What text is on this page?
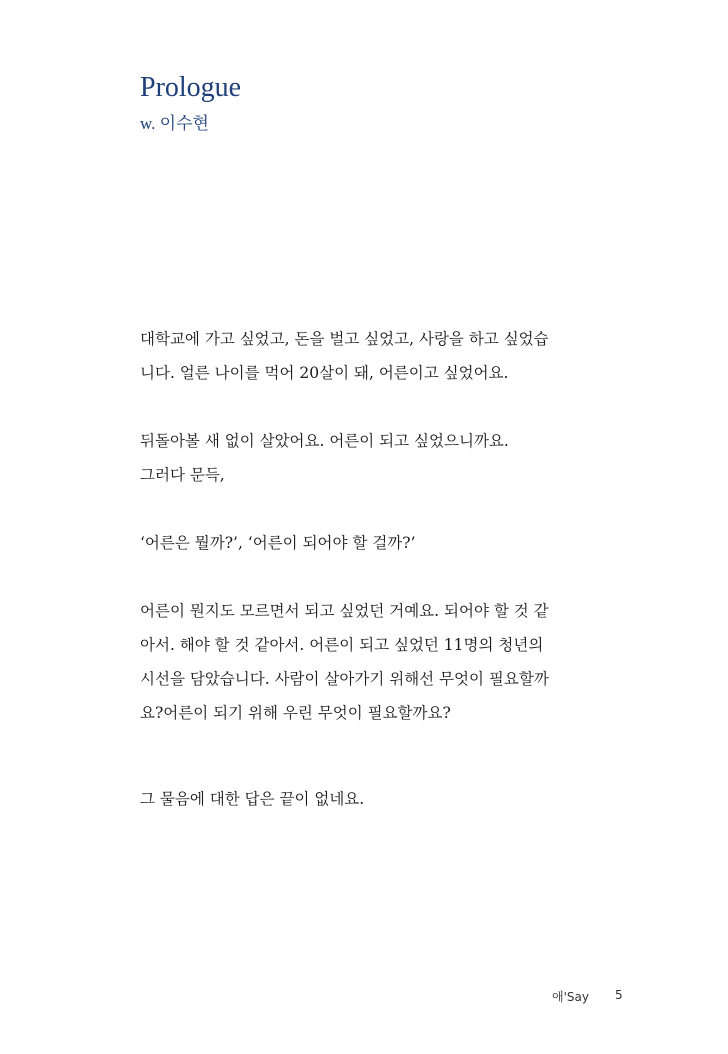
Prologue
w. 이수현

대학교에 가고 싶었고, 돈을 벌고 싶었고, 사랑을 하고 싶었습

니다. 얼른 나이를 먹어 20살이 돼, 어른이고 싶었어요.

뒤돌아볼 새 없이 살았어요. 어른이 되고 싶었으니까요.

그러다 문득,

‘어른은 뭘까?’, ‘어른이 되어야 할 걸까?’

어른이 뭔지도 모르면서 되고 싶었던 거예요. 되어야 할 것 같

아서. 해야 할 것 같아서. 어른이 되고 싶었던 11명의 청년의

시선을 담았습니다. 사람이 살아가기 위해선 무엇이 필요할까

요?어른이 되기 위해 우린 무엇이 필요할까요?

그 물음에 대한 답은 끝이 없네요.

애'Say 5
